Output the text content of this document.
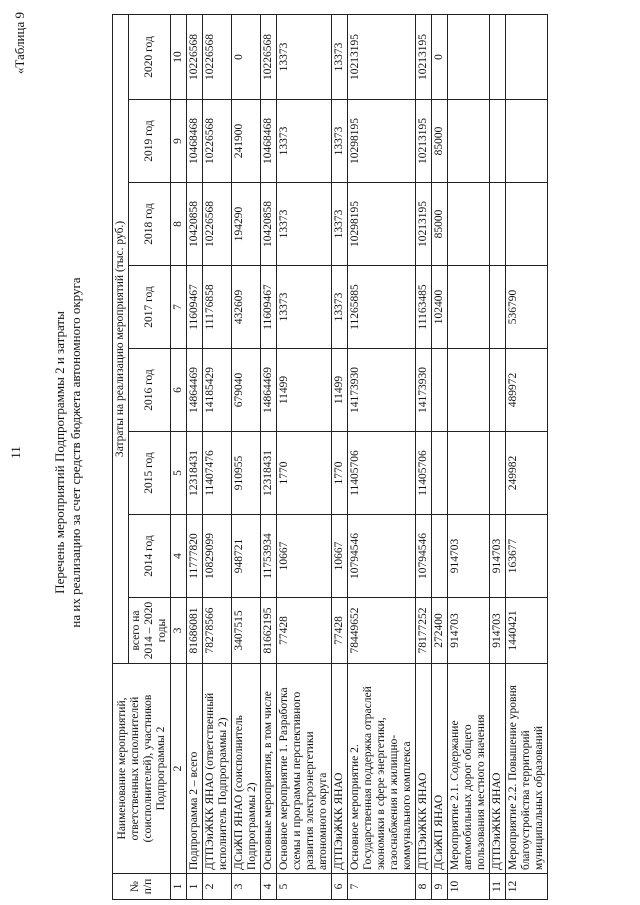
11
«Таблица 9
Перечень мероприятий Подпрограммы 2 и затраты на их реализацию за счет средств бюджета автономного округа
№ п/п	Наименование мероприятий, ответственных исполнителей (соисполнителей), участников Подпрограммы 2	Затраты на реализацию мероприятий (тыс. руб.)							
		всего на 2014 – 2020 годы	2014 год	2015 год	2016 год	2017 год	2018 год	2019 год	2020 год
1	2	3	4	5	6	7	8	9	10
1	Подпрограмма 2 – всего	81686081	11777820	12318431	14864469	11609467	10420858	10468468	10226568
2	ДТПЭиЖКК ЯНАО (ответственный исполнитель Подпрограммы 2)	78278566	10829099	11407476	14185429	11176858	10226568	10226568	10226568
3	ДСиЖП ЯНАО (соисполнитель Подпрограммы 2)	3407515	948721	910955	679040	432609	194290	241900	0
4	Основные мероприятия, в том числе	81662195	11753934	12318431	14864469	11609467	10420858	10468468	10226568
5	Основное мероприятие 1. Разработка схемы и программы перспективного развития электроэнергетики автономного округа	77428	10667	1770	11499	13373	13373	13373	13373
6	ДТПЭиЖКК ЯНАО	77428	10667	1770	11499	13373	13373	13373	13373
7	Основное мероприятие 2. Государственная поддержка отраслей экономики в сфере энергетики, газоснабжения и жилищно-коммунального комплекса	78449652	10794546	11405706	14173930	11265885	10298195	10298195	10213195
8	ДТПЭиЖКК ЯНАО	78177252	10794546	11405706	14173930	11163485	10213195	10213195	10213195
9	ДСиЖП ЯНАО	272400				102400	85000	85000	0
10	Мероприятие 2.1. Содержание автомобильных дорог общего пользования местного значения	914703	914703						
11	ДТПЭиЖКК ЯНАО	914703	914703						
12	Мероприятие 2.2. Повышение уровня благоустройства территорий муниципальных образований	1440421	163677	249982	489972	536790			
